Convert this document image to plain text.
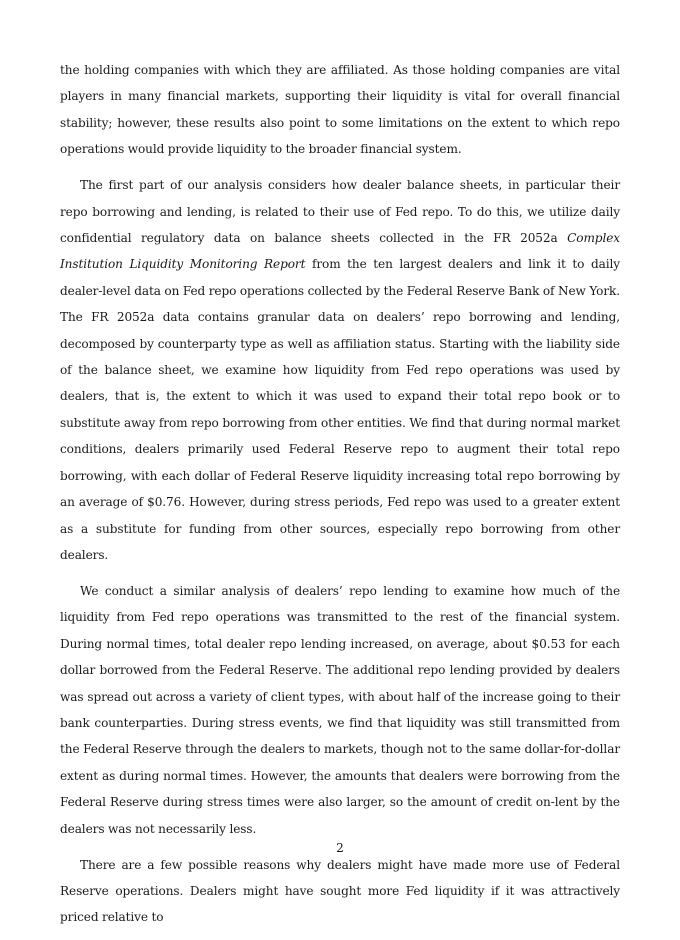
the holding companies with which they are affiliated. As those holding companies are vital players in many financial markets, supporting their liquidity is vital for overall financial stability; however, these results also point to some limitations on the extent to which repo operations would provide liquidity to the broader financial system.

The first part of our analysis considers how dealer balance sheets, in particular their repo borrowing and lending, is related to their use of Fed repo. To do this, we utilize daily confidential regulatory data on balance sheets collected in the FR 2052a Complex Institution Liquidity Monitoring Report from the ten largest dealers and link it to daily dealer-level data on Fed repo operations collected by the Federal Reserve Bank of New York. The FR 2052a data contains granular data on dealers’ repo borrowing and lending, decomposed by counterparty type as well as affiliation status. Starting with the liability side of the balance sheet, we examine how liquidity from Fed repo operations was used by dealers, that is, the extent to which it was used to expand their total repo book or to substitute away from repo borrowing from other entities. We find that during normal market conditions, dealers primarily used Federal Reserve repo to augment their total repo borrowing, with each dollar of Federal Reserve liquidity increasing total repo borrowing by an average of $0.76. However, during stress periods, Fed repo was used to a greater extent as a substitute for funding from other sources, especially repo borrowing from other dealers.

We conduct a similar analysis of dealers’ repo lending to examine how much of the liquidity from Fed repo operations was transmitted to the rest of the financial system. During normal times, total dealer repo lending increased, on average, about $0.53 for each dollar borrowed from the Federal Reserve. The additional repo lending provided by dealers was spread out across a variety of client types, with about half of the increase going to their bank counterparties. During stress events, we find that liquidity was still transmitted from the Federal Reserve through the dealers to markets, though not to the same dollar-for-dollar extent as during normal times. However, the amounts that dealers were borrowing from the Federal Reserve during stress times were also larger, so the amount of credit on-lent by the dealers was not necessarily less.

There are a few possible reasons why dealers might have made more use of Federal Reserve operations. Dealers might have sought more Fed liquidity if it was attractively priced relative to

2
